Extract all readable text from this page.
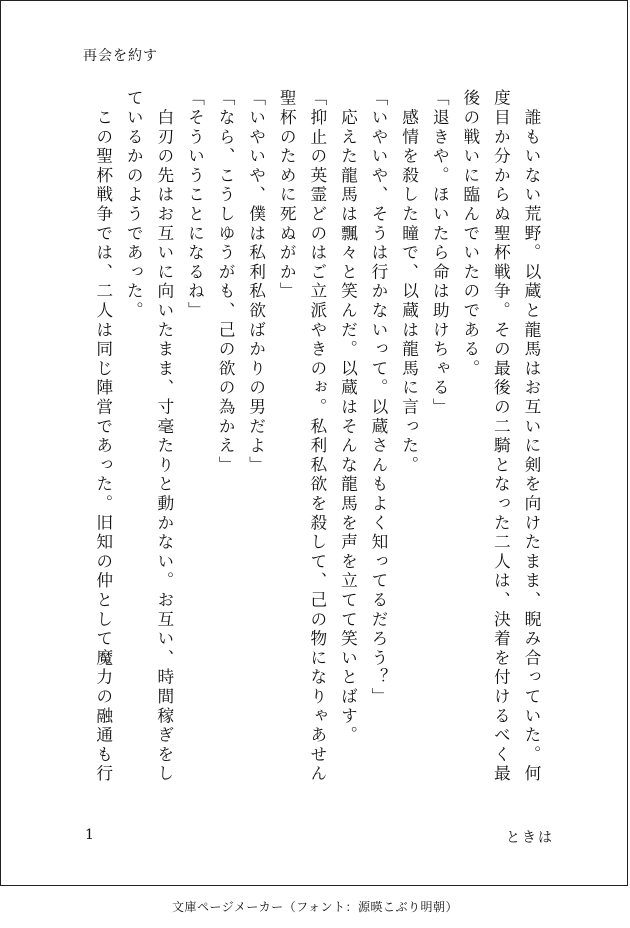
再会を約す

　誰もいない荒野。以蔵と龍馬はお互いに剣を向けたまま、睨み合っていた。何

度目か分からぬ聖杯戦争。その最後の二騎となった二人は、決着を付けるべく最

後の戦いに臨んでいたのである。

「退きや。ほいたら命は助けちゃる」

　感情を殺した瞳で、以蔵は龍馬に言った。

「いやいや、そうは行かないって。以蔵さんもよく知ってるだろう？」

　応えた龍馬は飄々と笑んだ。以蔵はそんな龍馬を声を立てて笑いとばす。

「抑止の英霊どのはご立派やきのぉ。私利私欲を殺して、己の物になりゃあせん

聖杯のために死ぬがか」

「いやいや、僕は私利私欲ばかりの男だよ」

「なら、こうしゆうがも、己の欲の為かえ」

「そういうことになるね」

　白刃の先はお互いに向いたまま、寸毫たりと動かない。お互い、時間稼ぎをし

ているかのようであった。

　この聖杯戦争では、二人は同じ陣営であった。旧知の仲として魔力の融通も行

1	ときは
文庫ページメーカー（フォント：源暎こぶり明朝）
